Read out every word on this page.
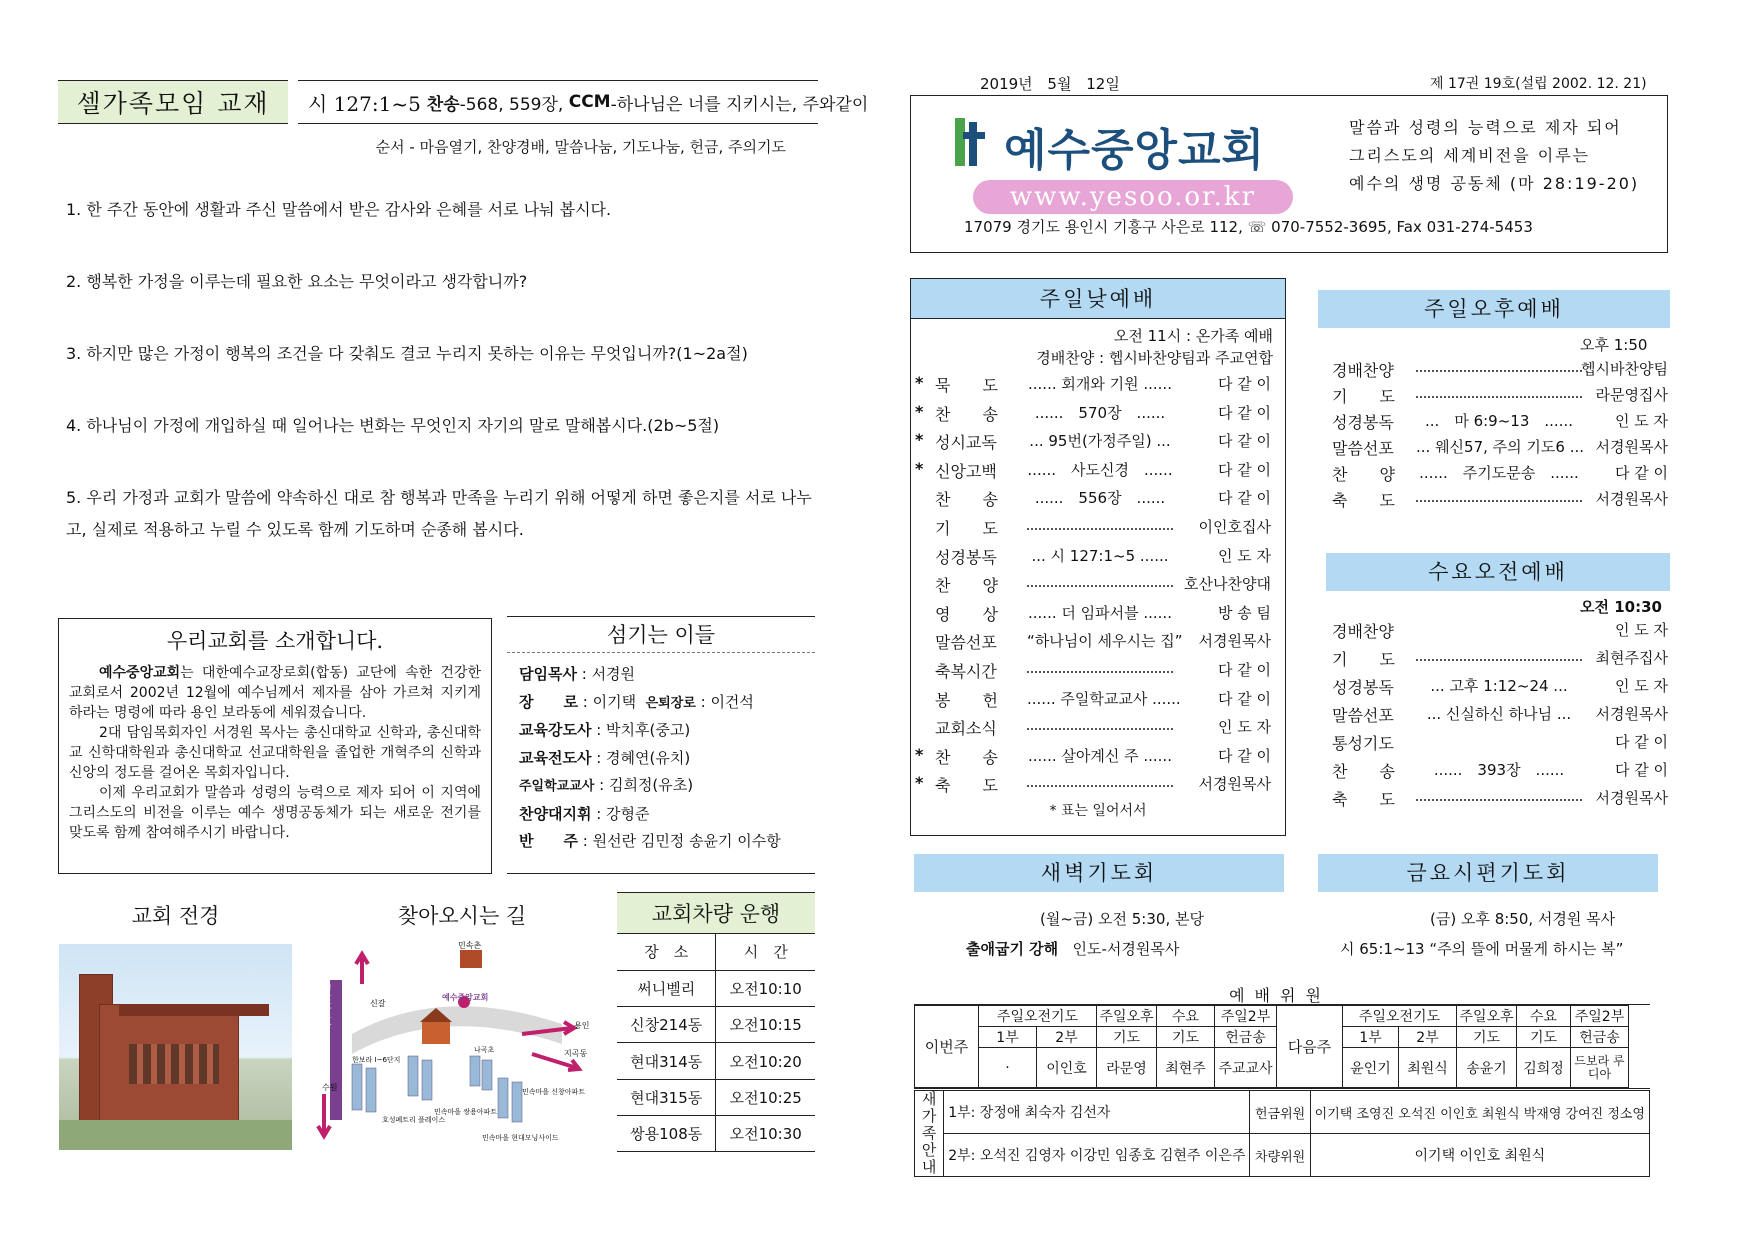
셀가족모임 교재	시 127:1~5 찬송 -568, 559장,
CCM -하나님은 너를 지키시는, 주와같이
순서 - 마음열기, 찬양경배, 말씀나눔, 기도나눔, 헌금, 주의기도
1. 한 주간 동안에 생활과 주신 말씀에서 받은 감사와 은혜를 서로 나눠 봅시다.
2. 행복한 가정을 이루는데 필요한 요소는 무엇이라고 생각합니까?
3. 하지만 많은 가정이 행복의 조건을 다 갖춰도 결코 누리지 못하는 이유는 무엇입니까?(1~2a절)
4. 하나님이 가정에 개입하실 때 일어나는 변화는 무엇인지 자기의 말로 말해봅시다.(2b~5절)
5. 우리 가정과 교회가 말씀에 약속하신 대로 참 행복과 만족을 누리기 위해 어떻게 하면 좋은지를 서로 나누고, 실제로 적용하고 누릴 수 있도록 함께 기도하며 순종해 봅시다.
우리교회를 소개합니다.

예수중앙교회는 대한예수교장로회(합동) 교단에 속한 건강한 교회로서 2002년 12월에 예수님께서 제자를 삼아 가르쳐 지키게 하라는 명령에 따라 용인 보라동에 세워졌습니다.

2대 담임목회자인 서경원 목사는 총신대학교 신학과, 총신대학교 신학대학원과 총신대학교 선교대학원을 졸업한 개혁주의 신학과 신앙의 정도를 걸어온 목회자입니다.

이제 우리교회가 말씀과 성령의 능력으로 제자 되어 이 지역에 그리스도의 비전을 이루는 예수 생명공동체가 되는 새로운 전기를 맞도록 함께 참여해주시기 바랍니다.

섬기는 이들
담임목사 : 서경원
장　　로 : 이기택 은퇴장로 : 이건석
교육강도사 : 박치후(중고)
교육전도사 : 경혜연(유치)
주일학교교사 : 김희정(유초)
찬양대지휘 : 강형준
반　　주 : 원선란 김민정 송윤기 이수항
교회 전경	찾아오시는 길
경부고속도로	신갈
수원
용인
지곡동
민속촌
예수중앙교회
한보라 I~6단지
호성폐트리 플레이스
민속마을 쌍용아파트
나곡초
민속마을 신창아파트
민속마을 현대모닝사이드
교회차량 운행
장　소	시　간
써니벨리	오전10:10
신창214동	오전10:15
현대314동	오전10:20
현대315동	오전10:25
쌍용108동	오전10:30
2019년 5월 12일	제 17권 19호(설립 2002. 12. 21)
예수중앙교회
www.yesoo.or.kr
말씀과 성령의 능력으로 제자 되어
그리스도의 세계비전을 이루는
예수의 생명 공동체 (마 28:19-20)
17079 경기도 용인시 기흥구 사은로 112, ☏ 070-7552-3695, Fax 031-274-5453
주일낮예배
오전 11시 : 온가족 예배
경배찬양 : 헵시바찬양팀과 주교연합
* 묵　　도	...... 회개와 기원 ......	다 같 이
* 찬　　송	......　570장　......	다 같 이
* 성시교독	... 95번(가정주일) ...	다 같 이
* 신앙고백	......　사도신경　......	다 같 이
찬　　송	......　556장　......	다 같 이
기　　도	이인호집사
성경봉독	... 시 127:1~5 ......	인 도 자
찬　　양	호산나찬양대
영　　상	...... 더 임파서블 ......	방 송 팀
말씀선포	“하나님이 세우시는 집” 서경원목사
축복시간	다 같 이
봉　　헌	...... 주일학교교사 ...... 다 같 이
교회소식	인 도 자
* 찬　　송	...... 살아계신 주 ......	다 같 이
* 축　　도	서경원목사
* 표는 일어서서
주일오후예배
오후 1:50
경배찬양	헵시바찬양팀
기　　도	라문영집사
성경봉독	...　마 6:9~13　......	인 도 자
말씀선포	... 웨신57, 주의 기도6 ... 서경원목사
찬　　양	......　주기도문송　...... 다 같 이
축　　도	서경원목사
수요오전예배
오전 10:30
경배찬양	인 도 자
기　　도	최현주집사
성경봉독	... 고후 1:12~24 ...	인 도 자
말씀선포	... 신실하신 하나님 ...	서경원목사
통성기도	다 같 이
찬　　송	......　393장　......	다 같 이
축　　도	서경원목사
새벽기도회
(월~금) 오전 5:30, 본당
출애굽기 강해 인도-서경원목사
금요시편기도회
(금) 오후 8:50, 서경원 목사
시 65:1~13 “주의 뜰에 머물게 하시는 복”
예배위원
이번주	주일오전기도		주일오후	수요	주일2부	다음주	주일오전기도		주일오후	수요	주일2부
	1부	2부	기도	기도	헌금송		1부	2부	기도	기도	헌금송
	·	이인호	라문영	최현주	주교교사		윤인기	최원식	송윤기	김희정	드보라 루디아
새가족 안내	1부: 장정애 최숙자 김선자	헌금위원	이기택 조영진 오석진 이인호 최원식 박재영 강여진 정소영
	2부: 오석진 김영자 이강민 임종호 김현주 이은주	차량위원	이기택 이인호 최원식
